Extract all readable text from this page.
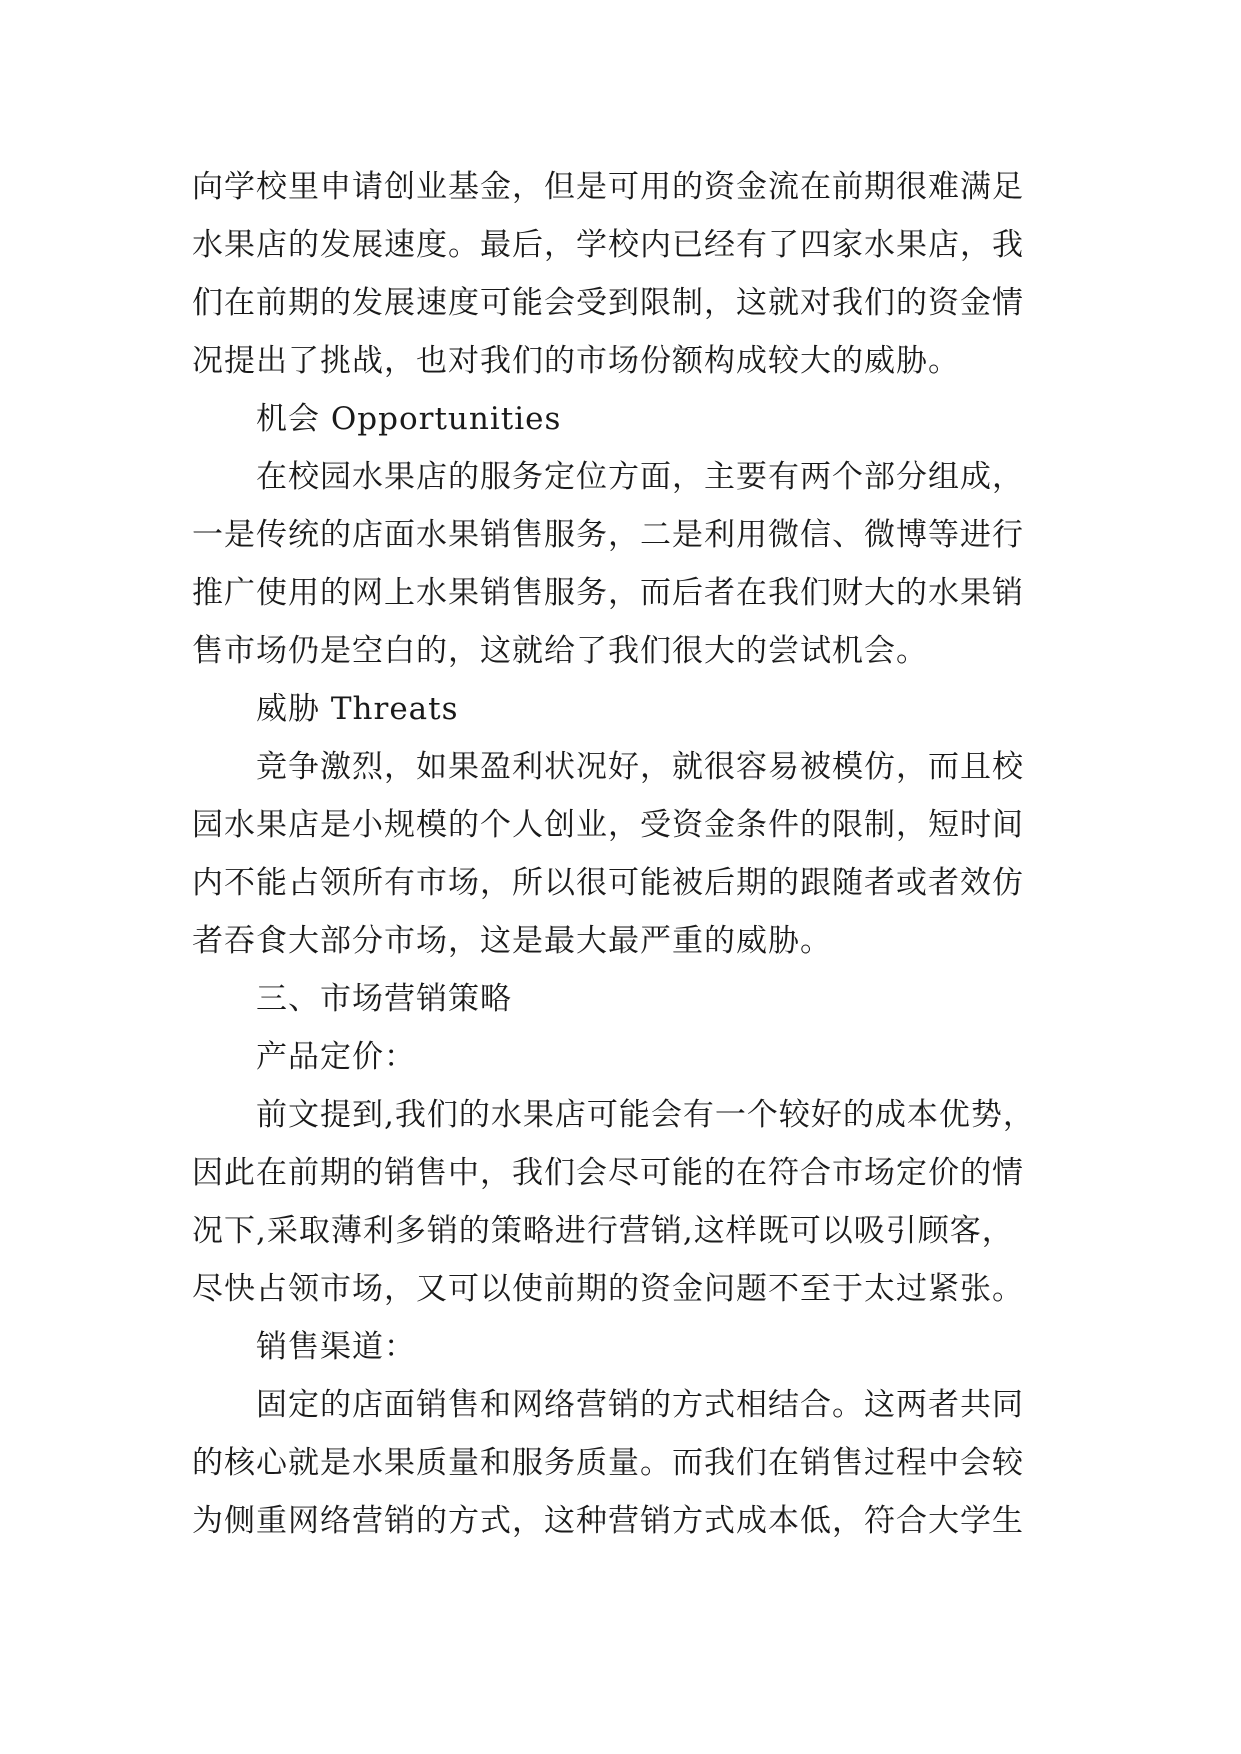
向学校里申请创业基金，但是可用的资金流在前期很难满足
水果店的发展速度。最后，学校内已经有了四家水果店，我
们在前期的发展速度可能会受到限制，这就对我们的资金情
况提出了挑战，也对我们的市场份额构成较大的威胁。
机会 Opportunities
在校园水果店的服务定位方面，主要有两个部分组成，
一是传统的店面水果销售服务，二是利用微信、微博等进行
推广使用的网上水果销售服务，而后者在我们财大的水果销
售市场仍是空白的，这就给了我们很大的尝试机会。
威胁 Threats
竞争激烈，如果盈利状况好，就很容易被模仿，而且校
园水果店是小规模的个人创业，受资金条件的限制，短时间
内不能占领所有市场，所以很可能被后期的跟随者或者效仿
者吞食大部分市场，这是最大最严重的威胁。
三、市场营销策略
产品定价：
前文提到,我们的水果店可能会有一个较好的成本优势，
因此在前期的销售中，我们会尽可能的在符合市场定价的情
况下,采取薄利多销的策略进行营销,这样既可以吸引顾客，
尽快占领市场，又可以使前期的资金问题不至于太过紧张。
销售渠道：
固定的店面销售和网络营销的方式相结合。这两者共同
的核心就是水果质量和服务质量。而我们在销售过程中会较
为侧重网络营销的方式，这种营销方式成本低，符合大学生
